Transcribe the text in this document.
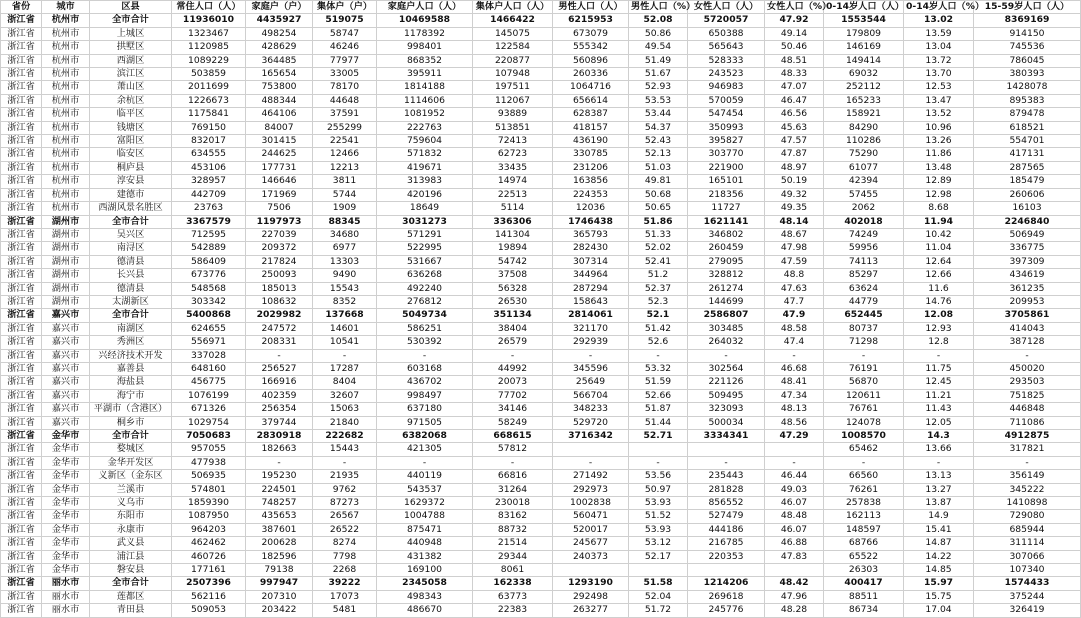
省份	城市	区县	常住人口（人）	家庭户（户）	集体户（户）	家庭户人口（人）	集体户人口（人）	男性人口（人）	男性人口（%）	女性人口（人）	女性人口（%）	0-14岁人口（人）	0-14岁人口（%）	15-59岁人口（人）
浙江省	杭州市	全市合计	11936010	4435927	519075	10469588	1466422	6215953	52.08	5720057	47.92	1553544	13.02	8369169
浙江省	杭州市	上城区	1323467	498254	58747	1178392	145075	673079	50.86	650388	49.14	179809	13.59	914150
浙江省	杭州市	拱墅区	1120985	428629	46246	998401	122584	555342	49.54	565643	50.46	146169	13.04	745536
浙江省	杭州市	西湖区	1089229	364485	77977	868352	220877	560896	51.49	528333	48.51	149414	13.72	786045
浙江省	杭州市	滨江区	503859	165654	33005	395911	107948	260336	51.67	243523	48.33	69032	13.70	380393
浙江省	杭州市	萧山区	2011699	753800	78170	1814188	197511	1064716	52.93	946983	47.07	252112	12.53	1428078
浙江省	杭州市	余杭区	1226673	488344	44648	1114606	112067	656614	53.53	570059	46.47	165233	13.47	895383
浙江省	杭州市	临平区	1175841	464106	37591	1081952	93889	628387	53.44	547454	46.56	158921	13.52	879478
浙江省	杭州市	钱塘区	769150	84007	255299	222763	513851	418157	54.37	350993	45.63	84290	10.96	618521
浙江省	杭州市	富阳区	832017	301415	22541	759604	72413	436190	52.43	395827	47.57	110286	13.26	554701
浙江省	杭州市	临安区	634555	244625	12466	571832	62723	330785	52.13	303770	47.87	75290	11.86	417131
浙江省	杭州市	桐庐县	453106	177731	12213	419671	33435	231206	51.03	221900	48.97	61077	13.48	287565
浙江省	杭州市	淳安县	328957	146646	3811	313983	14974	163856	49.81	165101	50.19	42394	12.89	185479
浙江省	杭州市	建德市	442709	171969	5744	420196	22513	224353	50.68	218356	49.32	57455	12.98	260606
浙江省	杭州市	西湖风景名胜区	23763	7506	1909	18649	5114	12036	50.65	11727	49.35	2062	8.68	16103
浙江省	湖州市	全市合计	3367579	1197973	88345	3031273	336306	1746438	51.86	1621141	48.14	402018	11.94	2246840
浙江省	湖州市	吴兴区	712595	227039	34680	571291	141304	365793	51.33	346802	48.67	74249	10.42	506949
浙江省	湖州市	南浔区	542889	209372	6977	522995	19894	282430	52.02	260459	47.98	59956	11.04	336775
浙江省	湖州市	德清县	586409	217824	13303	531667	54742	307314	52.41	279095	47.59	74113	12.64	397309
浙江省	湖州市	长兴县	673776	250093	9490	636268	37508	344964	51.2	328812	48.8	85297	12.66	434619
浙江省	湖州市	德清县	548568	185013	15543	492240	56328	287294	52.37	261274	47.63	63624	11.6	361235
浙江省	湖州市	太湖新区	303342	108632	8352	276812	26530	158643	52.3	144699	47.7	44779	14.76	209953
浙江省	嘉兴市	全市合计	5400868	2029982	137668	5049734	351134	2814061	52.1	2586807	47.9	652445	12.08	3705861
浙江省	嘉兴市	南湖区	624655	247572	14601	586251	38404	321170	51.42	303485	48.58	80737	12.93	414043
浙江省	嘉兴市	秀洲区	556971	208331	10541	530392	26579	292939	52.6	264032	47.4	71298	12.8	387128
浙江省	嘉兴市	兴经济技术开发	337028	-	-	-	-	-	-	-	-	-	-	-
浙江省	嘉兴市	嘉善县	648160	256527	17287	603168	44992	345596	53.32	302564	46.68	76191	11.75	450020
浙江省	嘉兴市	海盐县	456775	166916	8404	436702	20073	25649	51.59	221126	48.41	56870	12.45	293503
浙江省	嘉兴市	海宁市	1076199	402359	32607	998497	77702	566704	52.66	509495	47.34	120611	11.21	751825
浙江省	嘉兴市	平湖市（含港区）	671326	256354	15063	637180	34146	348233	51.87	323093	48.13	76761	11.43	446848
浙江省	嘉兴市	桐乡市	1029754	379744	21840	971505	58249	529720	51.44	500034	48.56	124078	12.05	711086
浙江省	金华市	全市合计	7050683	2830918	222682	6382068	668615	3716342	52.71	3334341	47.29	1008570	14.3	4912875
浙江省	金华市	婺城区	957055	182663	15443	421305	57812					65462	13.66	317821
浙江省	金华市	金华开发区	477938	-	-	-	-	-	-	-	-	-	-	-
浙江省	金华市	义新区（金东区	506935	195230	21935	440119	66816	271492	53.56	235443	46.44	66560	13.13	356149
浙江省	金华市	兰溪市	574801	224501	9762	543537	31264	292973	50.97	281828	49.03	76261	13.27	345222
浙江省	金华市	义乌市	1859390	748257	87273	1629372	230018	1002838	53.93	856552	46.07	257838	13.87	1410898
浙江省	金华市	东阳市	1087950	435653	26567	1004788	83162	560471	51.52	527479	48.48	162113	14.9	729080
浙江省	金华市	永康市	964203	387601	26522	875471	88732	520017	53.93	444186	46.07	148597	15.41	685944
浙江省	金华市	武义县	462462	200628	8274	440948	21514	245677	53.12	216785	46.88	68766	14.87	311114
浙江省	金华市	浦江县	460726	182596	7798	431382	29344	240373	52.17	220353	47.83	65522	14.22	307066
浙江省	金华市	磐安县	177161	79138	2268	169100	8061					26303	14.85	107340
浙江省	丽水市	全市合计	2507396	997947	39222	2345058	162338	1293190	51.58	1214206	48.42	400417	15.97	1574433
浙江省	丽水市	莲都区	562116	207310	17073	498343	63773	292498	52.04	269618	47.96	88511	15.75	375244
浙江省	丽水市	青田县	509053	203422	5481	486670	22383	263277	51.72	245776	48.28	86734	17.04	326419
